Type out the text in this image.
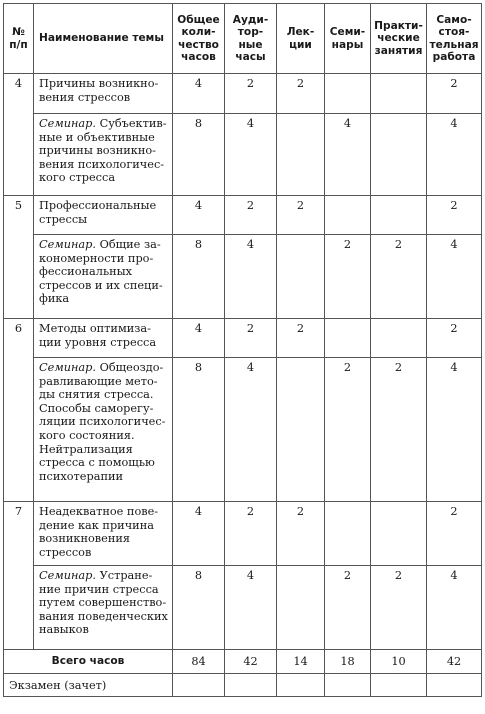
№ п/п	Наименование темы	Общее коли-чество часов	Ауди-тор-ные часы	Лек-ции	Семи-нары	Практи-ческие занятия	Само-стоя-тельная работа
4	Причины возникно-вения стрессов	4	2	2			2
	Семинар. Субъектив-ные и объективные причины возникно-вения психологичес-кого стресса	8	4		4		4
5	Профессиональные стрессы	4	2	2			2
	Семинар. Общие за-кономерности про-фессиональных стрессов и их специ-фика	8	4		2	2	4
6	Методы оптимиза-ции уровня стресса	4	2	2			2
	Семинар. Общеоздо-равливающие мето-ды снятия стресса. Способы саморегу-ляции психологичес-кого состояния. Нейтрализация стресса с помощью психотерапии	8	4		2	2	4
7	Неадекватное пове-дение как причина возникновения стрессов	4	2	2			2
	Семинар. Устране-ние причин стресса путем совершенство-вания поведенческих навыков	8	4		2	2	4
Всего часов		84	42	14	18	10	42
Экзамен (зачет)							
